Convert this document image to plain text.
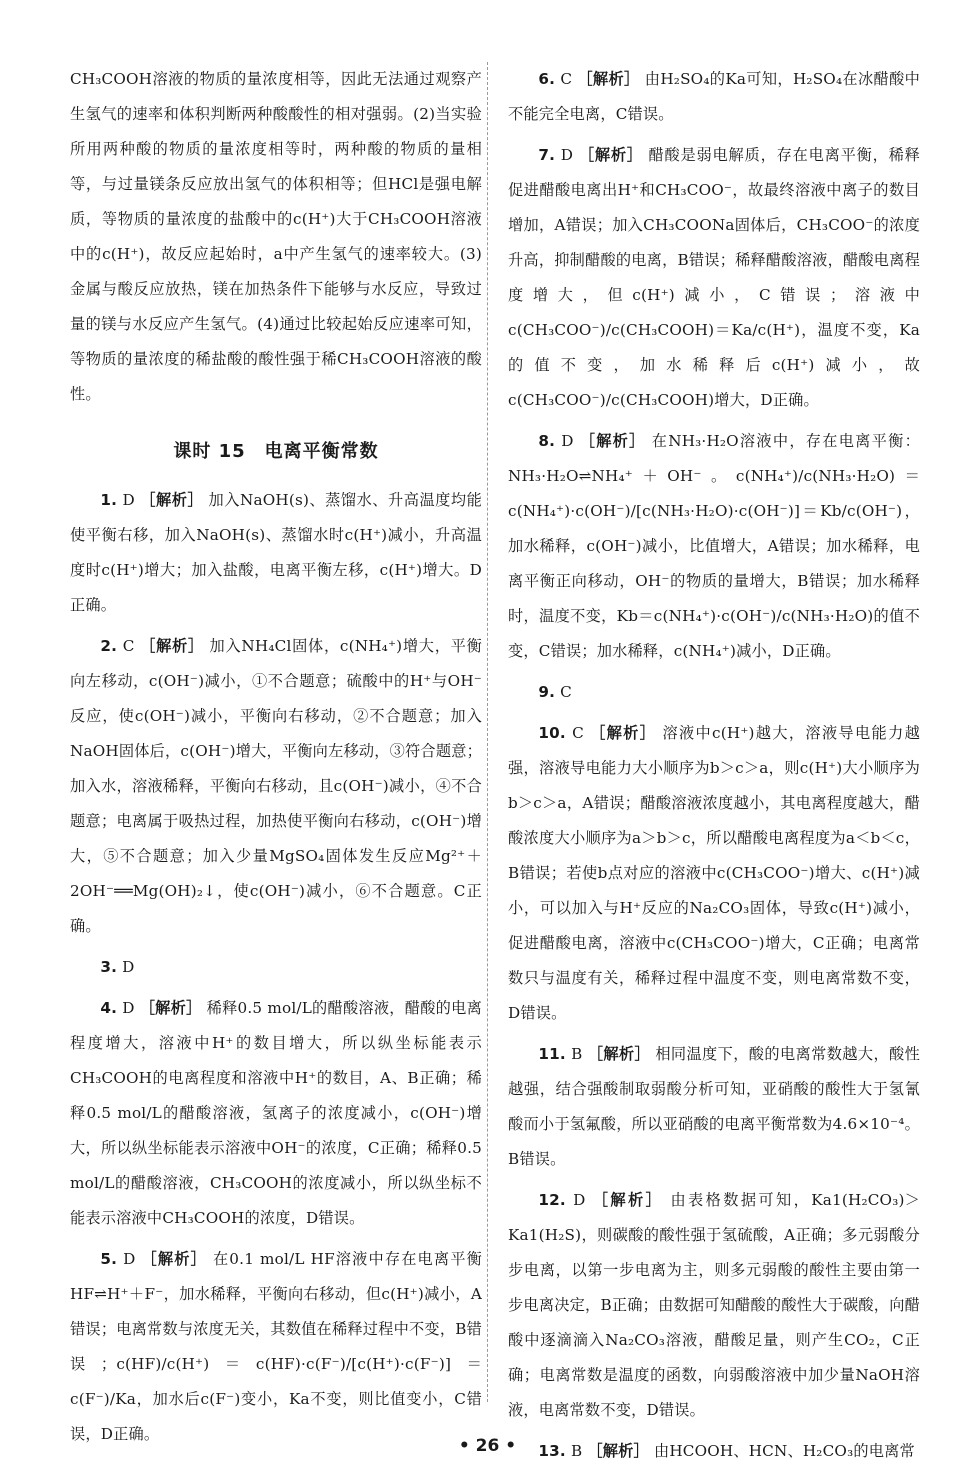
CH₃COOH溶液的物质的量浓度相等，因此无法通过观察产生氢气的速率和体积判断两种酸酸性的相对强弱。(2)当实验所用两种酸的物质的量浓度相等时，两种酸的物质的量相等，与过量镁条反应放出氢气的体积相等；但HCl是强电解质，等物质的量浓度的盐酸中的c(H⁺)大于CH₃COOH溶液中的c(H⁺)，故反应起始时，a中产生氢气的速率较大。(3)金属与酸反应放热，镁在加热条件下能够与水反应，导致过量的镁与水反应产生氢气。(4)通过比较起始反应速率可知，等物质的量浓度的稀盐酸的酸性强于稀CH₃COOH溶液的酸性。

课时 15　电离平衡常数

1. D ［解析］ 加入NaOH(s)、蒸馏水、升高温度均能使平衡右移，加入NaOH(s)、蒸馏水时c(H⁺)减小，升高温度时c(H⁺)增大；加入盐酸，电离平衡左移，c(H⁺)增大。D正确。

2. C ［解析］ 加入NH₄Cl固体，c(NH₄⁺)增大，平衡向左移动，c(OH⁻)减小，①不合题意；硫酸中的H⁺与OH⁻反应，使c(OH⁻)减小，平衡向右移动，②不合题意；加入NaOH固体后，c(OH⁻)增大，平衡向左移动，③符合题意；加入水，溶液稀释，平衡向右移动，且c(OH⁻)减小，④不合题意；电离属于吸热过程，加热使平衡向右移动，c(OH⁻)增大，⑤不合题意；加入少量MgSO₄固体发生反应Mg²⁺＋2OH⁻══Mg(OH)₂↓，使c(OH⁻)减小，⑥不合题意。C正确。

3. D

4. D ［解析］ 稀释0.5 mol/L的醋酸溶液，醋酸的电离程度增大，溶液中H⁺的数目增大，所以纵坐标能表示CH₃COOH的电离程度和溶液中H⁺的数目，A、B正确；稀释0.5 mol/L的醋酸溶液，氢离子的浓度减小，c(OH⁻)增大，所以纵坐标能表示溶液中OH⁻的浓度，C正确；稀释0.5 mol/L的醋酸溶液，CH₃COOH的浓度减小，所以纵坐标不能表示溶液中CH₃COOH的浓度，D错误。

5. D ［解析］ 在0.1 mol/L HF溶液中存在电离平衡HF⇌H⁺＋F⁻，加水稀释，平衡向右移动，但c(H⁺)减小，A错误；电离常数与浓度无关，其数值在稀释过程中不变，B错误；c(HF)/c(H⁺)＝c(HF)·c(F⁻)/[c(H⁺)·c(F⁻)]＝c(F⁻)/Ka，加水后c(F⁻)变小，Ka不变，则比值变小，C错误，D正确。

6. C ［解析］ 由H₂SO₄的Ka可知，H₂SO₄在冰醋酸中不能完全电离，C错误。

7. D ［解析］ 醋酸是弱电解质，存在电离平衡，稀释促进醋酸电离出H⁺和CH₃COO⁻，故最终溶液中离子的数目增加，A错误；加入CH₃COONa固体后，CH₃COO⁻的浓度升高，抑制醋酸的电离，B错误；稀释醋酸溶液，醋酸电离程度增大，但c(H⁺)减小，C错误；溶液中c(CH₃COO⁻)/c(CH₃COOH)＝Ka/c(H⁺)，温度不变，Ka的值不变，加水稀释后c(H⁺)减小，故c(CH₃COO⁻)/c(CH₃COOH)增大，D正确。

8. D ［解析］ 在NH₃·H₂O溶液中，存在电离平衡：NH₃·H₂O⇌NH₄⁺＋OH⁻。c(NH₄⁺)/c(NH₃·H₂O)＝c(NH₄⁺)·c(OH⁻)/[c(NH₃·H₂O)·c(OH⁻)]＝Kb/c(OH⁻)，加水稀释，c(OH⁻)减小，比值增大，A错误；加水稀释，电离平衡正向移动，OH⁻的物质的量增大，B错误；加水稀释时，温度不变，Kb＝c(NH₄⁺)·c(OH⁻)/c(NH₃·H₂O)的值不变，C错误；加水稀释，c(NH₄⁺)减小，D正确。

9. C

10. C ［解析］ 溶液中c(H⁺)越大，溶液导电能力越强，溶液导电能力大小顺序为b＞c＞a，则c(H⁺)大小顺序为b＞c＞a，A错误；醋酸溶液浓度越小，其电离程度越大，醋酸浓度大小顺序为a＞b＞c，所以醋酸电离程度为a＜b＜c，B错误；若使b点对应的溶液中c(CH₃COO⁻)增大、c(H⁺)减小，可以加入与H⁺反应的Na₂CO₃固体，导致c(H⁺)减小，促进醋酸电离，溶液中c(CH₃COO⁻)增大，C正确；电离常数只与温度有关，稀释过程中温度不变，则电离常数不变，D错误。

11. B ［解析］ 相同温度下，酸的电离常数越大，酸性越强，结合强酸制取弱酸分析可知，亚硝酸的酸性大于氢氰酸而小于氢氟酸，所以亚硝酸的电离平衡常数为4.6×10⁻⁴。B错误。

12. D ［解析］ 由表格数据可知，Ka1(H₂CO₃)＞Ka1(H₂S)，则碳酸的酸性强于氢硫酸，A正确；多元弱酸分步电离，以第一步电离为主，则多元弱酸的酸性主要由第一步电离决定，B正确；由数据可知醋酸的酸性大于碳酸，向醋酸中逐滴滴入Na₂CO₃溶液，醋酸足量，则产生CO₂，C正确；电离常数是温度的函数，向弱酸溶液中加少量NaOH溶液，电离常数不变，D错误。

13. B ［解析］ 由HCOOH、HCN、H₂CO₃的电离常

• 26 •
